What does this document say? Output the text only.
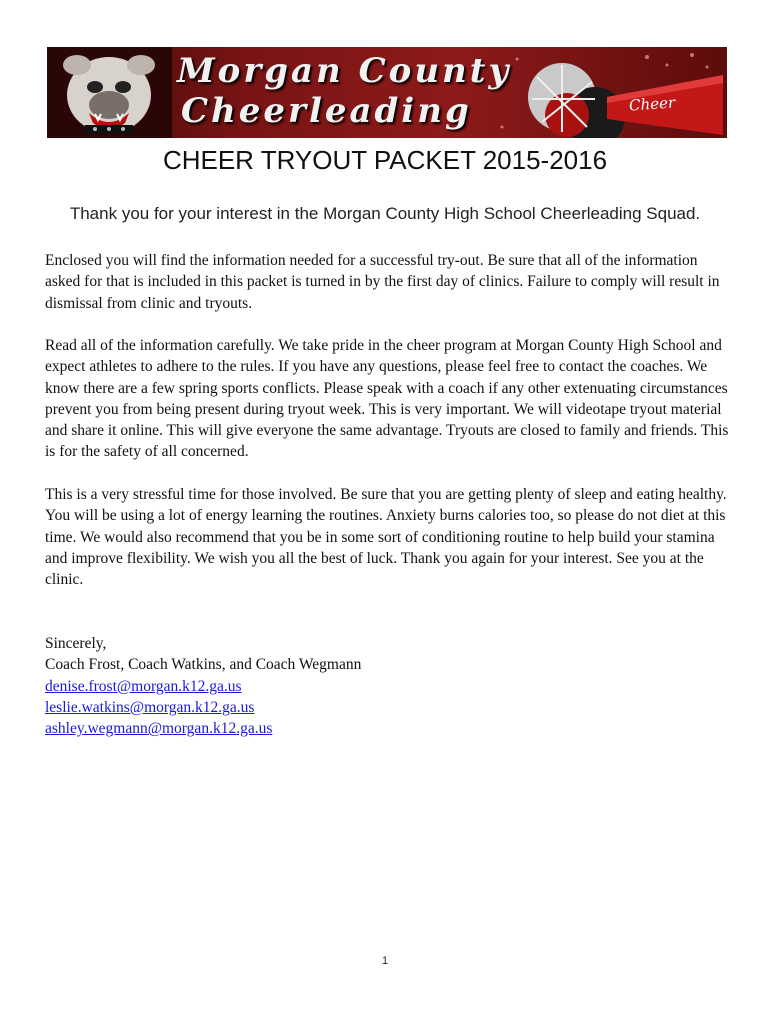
Morgan County
Cheerleading	Cheer
CHEER TRYOUT PACKET 2015-2016
Thank you for your interest in the Morgan County High School Cheerleading Squad.

Enclosed you will find the information needed for a successful try-out. Be sure that all of the information asked for that is included in this packet is turned in by the first day of clinics. Failure to comply will result in dismissal from clinic and tryouts.

Read all of the information carefully. We take pride in the cheer program at Morgan County High School and expect athletes to adhere to the rules. If you have any questions, please feel free to contact the coaches. We know there are a few spring sports conflicts. Please speak with a coach if any other extenuating circumstances prevent you from being present during tryout week. This is very important. We will videotape tryout material and share it online. This will give everyone the same advantage. Tryouts are closed to family and friends. This is for the safety of all concerned.

This is a very stressful time for those involved. Be sure that you are getting plenty of sleep and eating healthy. You will be using a lot of energy learning the routines. Anxiety burns calories too, so please do not diet at this time. We would also recommend that you be in some sort of conditioning routine to help build your stamina and improve flexibility. We wish you all the best of luck. Thank you again for your interest. See you at the clinic.

Sincerely,
Coach Frost, Coach Watkins, and Coach Wegmann
denise.frost@morgan.k12.ga.us
leslie.watkins@morgan.k12.ga.us
ashley.wegmann@morgan.k12.ga.us
1
